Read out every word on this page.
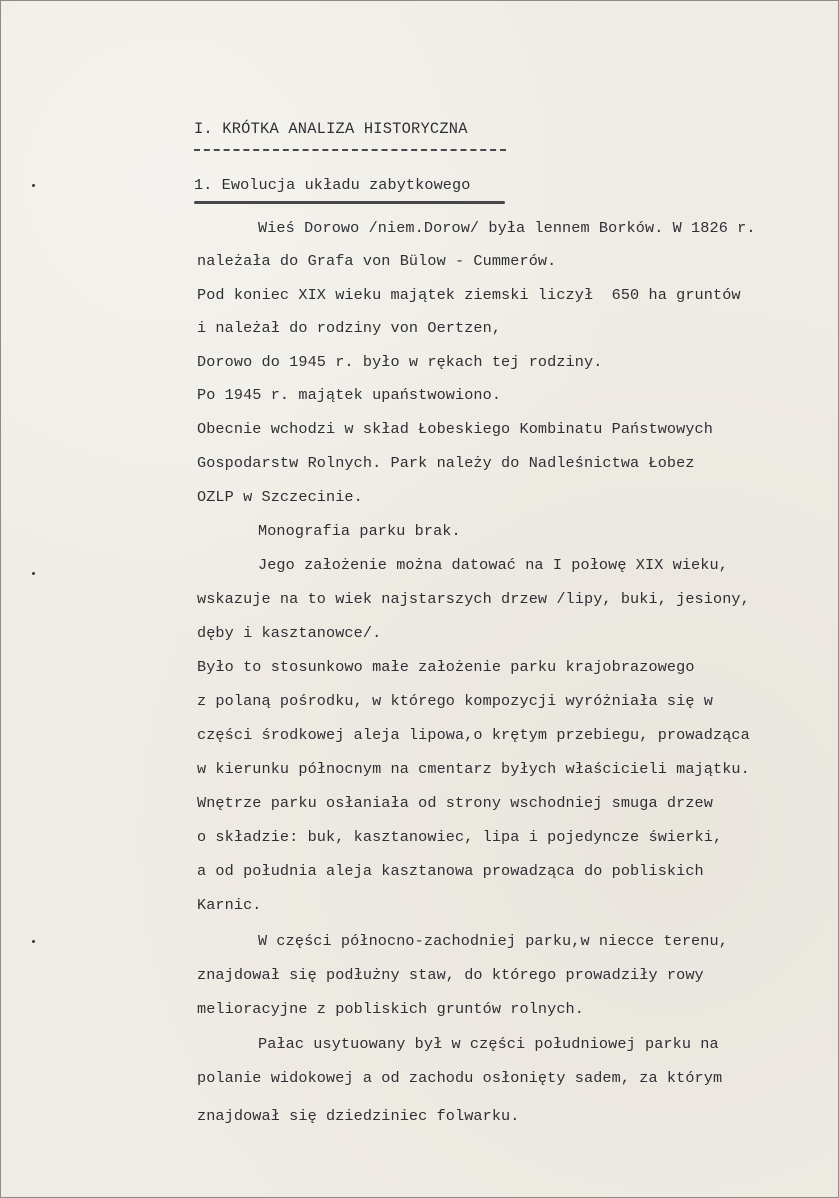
I. KRÓTKA ANALIZA HISTORYCZNA
1. Ewolucja układu zabytkowego
Wieś Dorowo /niem.Dorow/ była lennem Borków. W 1826 r.
należała do Grafa von Bülow - Cummerów.
Pod koniec XIX wieku majątek ziemski liczył  650 ha gruntów
i należał do rodziny von Oertzen,
Dorowo do 1945 r. było w rękach tej rodziny.
Po 1945 r. majątek upaństwowiono.
Obecnie wchodzi w skład Łobeskiego Kombinatu Państwowych
Gospodarstw Rolnych. Park należy do Nadleśnictwa Łobez
OZLP w Szczecinie.
Monografia parku brak.
Jego założenie można datować na I połowę XIX wieku,
wskazuje na to wiek najstarszych drzew /lipy, buki, jesiony,
dęby i kasztanowce/.
Było to stosunkowo małe założenie parku krajobrazowego
z polaną pośrodku, w którego kompozycji wyróżniała się w
części środkowej aleja lipowa,o krętym przebiegu, prowadząca
w kierunku północnym na cmentarz byłych właścicieli majątku.
Wnętrze parku osłaniała od strony wschodniej smuga drzew
o składzie: buk, kasztanowiec, lipa i pojedyncze świerki,
a od południa aleja kasztanowa prowadząca do pobliskich
Karnic.
W części północno-zachodniej parku,w niecce terenu,
znajdował się podłużny staw, do którego prowadziły rowy
melioracyjne z pobliskich gruntów rolnych.
Pałac usytuowany był w części południowej parku na
polanie widokowej a od zachodu osłonięty sadem, za którym
znajdował się dziedziniec folwarku.
